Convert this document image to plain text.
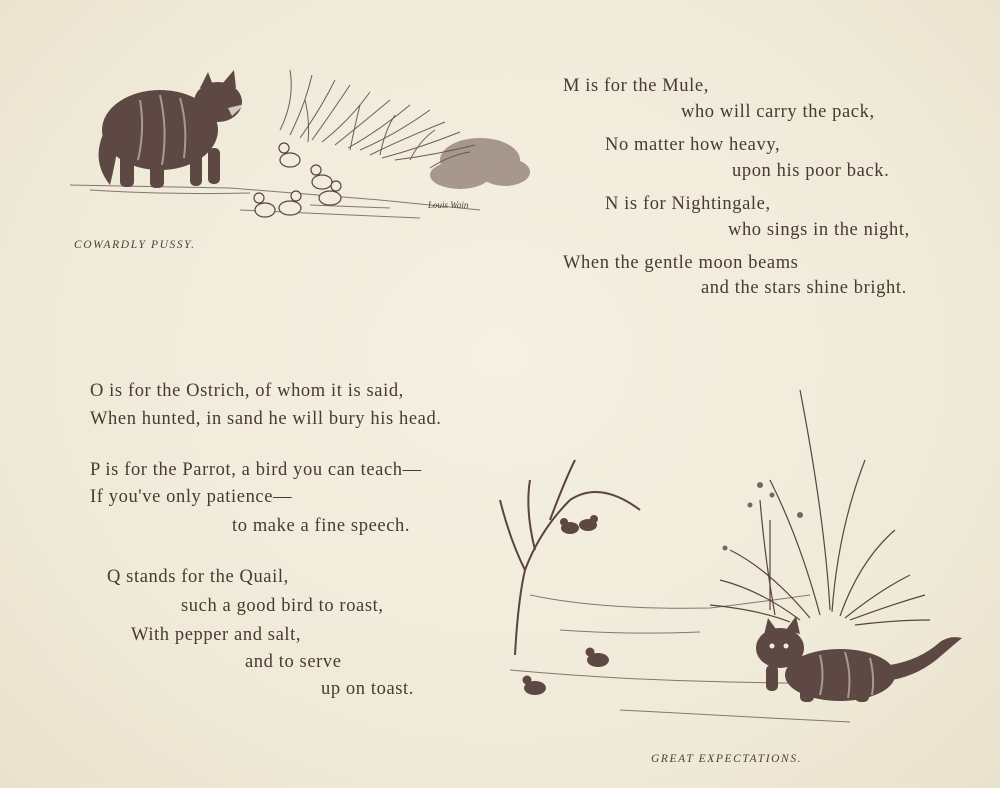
Louis Wain
COWARDLY PUSSY.
M is for the Mule,
who will carry the pack,
No matter how heavy,
upon his poor back.
N is for Nightingale,
who sings in the night,
When the gentle moon beams
and the stars shine bright.
O is for the Ostrich, of whom it is said,
When hunted, in sand he will bury his head.
P is for the Parrot, a bird you can teach—
If you've only patience—
to make a fine speech.
Q stands for the Quail,
such a good bird to roast,
With pepper and salt,
and to serve
up on toast.
GREAT EXPECTATIONS.
